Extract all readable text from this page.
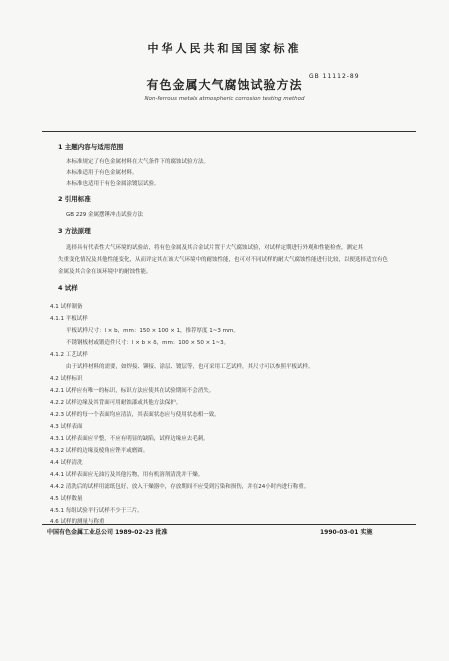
中华人民共和国国家标准
GB 11112-89
有色金属大气腐蚀试验方法
Non-ferrous metals atmospheric corrosion testing method
1 主题内容与适用范围
本标准规定了有色金属材料在大气条件下的腐蚀试验方法。
本标准适用于有色金属材料。
本标准也适用于有色金属涂镀层试验。
2 引用标准
GB 229 金属摆锤冲击试验方法
3 方法原理
选择具有代表性大气环境的试验站，将有色金属及其合金试片置于大气腐蚀试验，对试样定期进行外观和性能检查，测定其
失重变化情况及其他性能变化，从而评定其在该大气环境中的耐蚀性能，也可对不同试样的耐大气腐蚀性能进行比较，以便选择适宜有色
金属及其合金在该环境中的耐蚀性能。
4 试样
4.1 试样制备
4.1.1 平板试样
平板试样尺寸：l × b，mm：150 × 100 × 1，推荐厚度 1~3 mm。
不锈钢板材或锻造件尺寸：l × b × δ，mm：100 × 50 × 1~3。
4.1.2 工艺试样
由于试样材料的需要，如焊接、铆接、涂层、镀层等，也可采用工艺试样，其尺寸可以参照平板试样。
4.2 试样标识
4.2.1 试样应有唯一的标识，标识方法应使其在试验期间不会消失。
4.2.2 试样边缘及其背面可用耐蚀漆或其他方法保护。
4.2.3 试样的每一个表面均应清洁，其表面状态应与使用状态相一致。
4.3 试样表面
4.3.1 试样表面应平整，不应有明显的缺陷，试样边缘应去毛刺。
4.3.2 试样的边缘及棱角应锉平或磨圆。
4.4 试样清洗
4.4.1 试样表面应无油污及其他污物，用有机溶剂清洗并干燥。
4.4.2 清洗后的试样用滤纸包好，放入干燥器中，存放期间不应受到污染和损伤，并在24小时内进行称重。
4.5 试样数量
4.5.1 每组试验平行试样不少于三片。
4.6 试样的测量与称重
中国有色金属工业总公司 1989-02-23 批准	1990-03-01 实施
